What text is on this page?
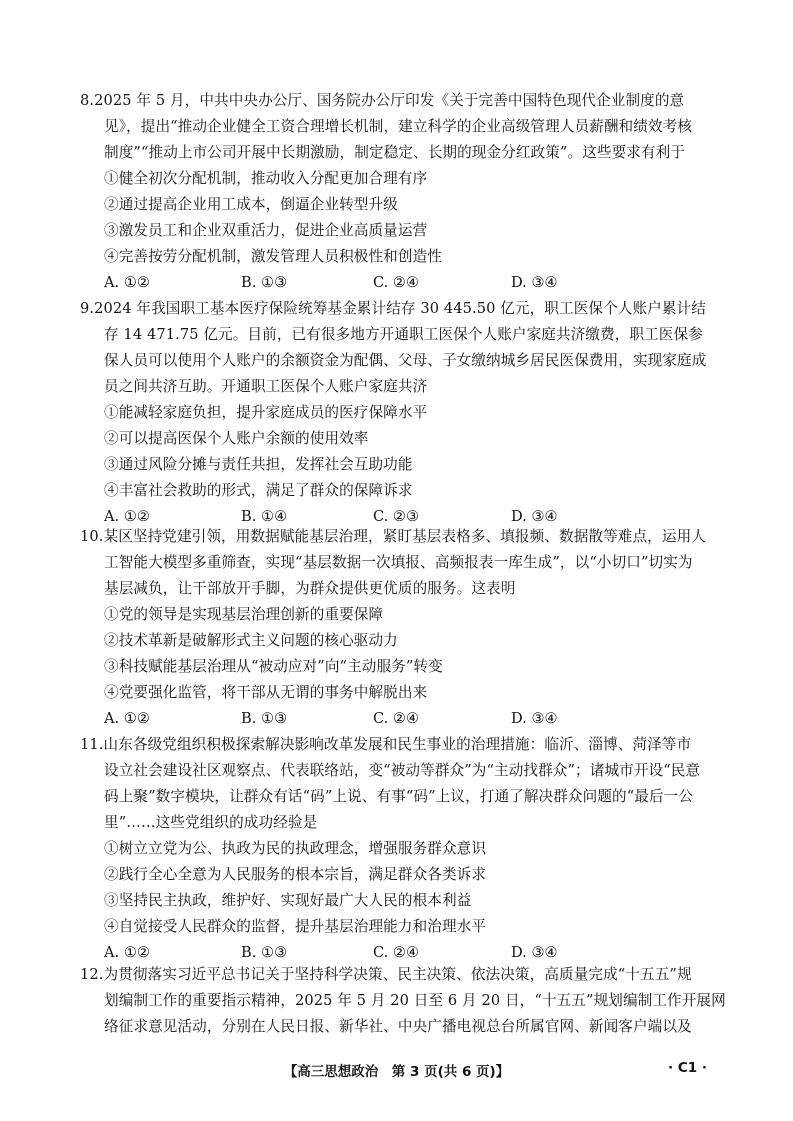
8.2025 年 5 月，中共中央办公厅、国务院办公厅印发《关于完善中国特色现代企业制度的意
见》，提出“推动企业健全工资合理增长机制，建立科学的企业高级管理人员薪酬和绩效考核
制度”“推动上市公司开展中长期激励，制定稳定、长期的现金分红政策”。这些要求有利于
①健全初次分配机制，推动收入分配更加合理有序
②通过提高企业用工成本，倒逼企业转型升级
③激发员工和企业双重活力，促进企业高质量运营
④完善按劳分配机制，激发管理人员积极性和创造性
A. ①②	B. ①③	C. ②④	D. ③④
9.2024 年我国职工基本医疗保险统筹基金累计结存 30 445.50 亿元，职工医保个人账户累计结
存 14 471.75 亿元。目前，已有很多地方开通职工医保个人账户家庭共济缴费，职工医保参
保人员可以使用个人账户的余额资金为配偶、父母、子女缴纳城乡居民医保费用，实现家庭成
员之间共济互助。开通职工医保个人账户家庭共济
①能减轻家庭负担，提升家庭成员的医疗保障水平
②可以提高医保个人账户余额的使用效率
③通过风险分摊与责任共担，发挥社会互助功能
④丰富社会救助的形式，满足了群众的保障诉求
A. ①②	B. ①④	C. ②③	D. ③④
10.某区坚持党建引领，用数据赋能基层治理，紧盯基层表格多、填报频、数据散等难点，运用人
工智能大模型多重筛查，实现“基层数据一次填报、高频报表一库生成”，以“小切口”切实为
基层减负，让干部放开手脚，为群众提供更优质的服务。这表明
①党的领导是实现基层治理创新的重要保障
②技术革新是破解形式主义问题的核心驱动力
③科技赋能基层治理从“被动应对”向“主动服务”转变
④党要强化监管，将干部从无谓的事务中解脱出来
A. ①②	B. ①③	C. ②④	D. ③④
11.山东各级党组织积极探索解决影响改革发展和民生事业的治理措施：临沂、淄博、菏泽等市
设立社会建设社区观察点、代表联络站，变“被动等群众”为“主动找群众”；诸城市开设“民意
码上聚”数字模块，让群众有话“码”上说、有事“码”上议，打通了解决群众问题的“最后一公
里”……这些党组织的成功经验是
①树立立党为公、执政为民的执政理念，增强服务群众意识
②践行全心全意为人民服务的根本宗旨，满足群众各类诉求
③坚持民主执政，维护好、实现好最广大人民的根本利益
④自觉接受人民群众的监督，提升基层治理能力和治理水平
A. ①②	B. ①③	C. ②④	D. ③④
12.为贯彻落实习近平总书记关于坚持科学决策、民主决策、依法决策，高质量完成“十五五”规
划编制工作的重要指示精神，2025 年 5 月 20 日至 6 月 20 日，“十五五”规划编制工作开展网
络征求意见活动，分别在人民日报、新华社、中央广播电视总台所属官网、新闻客户端以及
【高三思想政治　第 3 页(共 6 页)】	· C1 ·
